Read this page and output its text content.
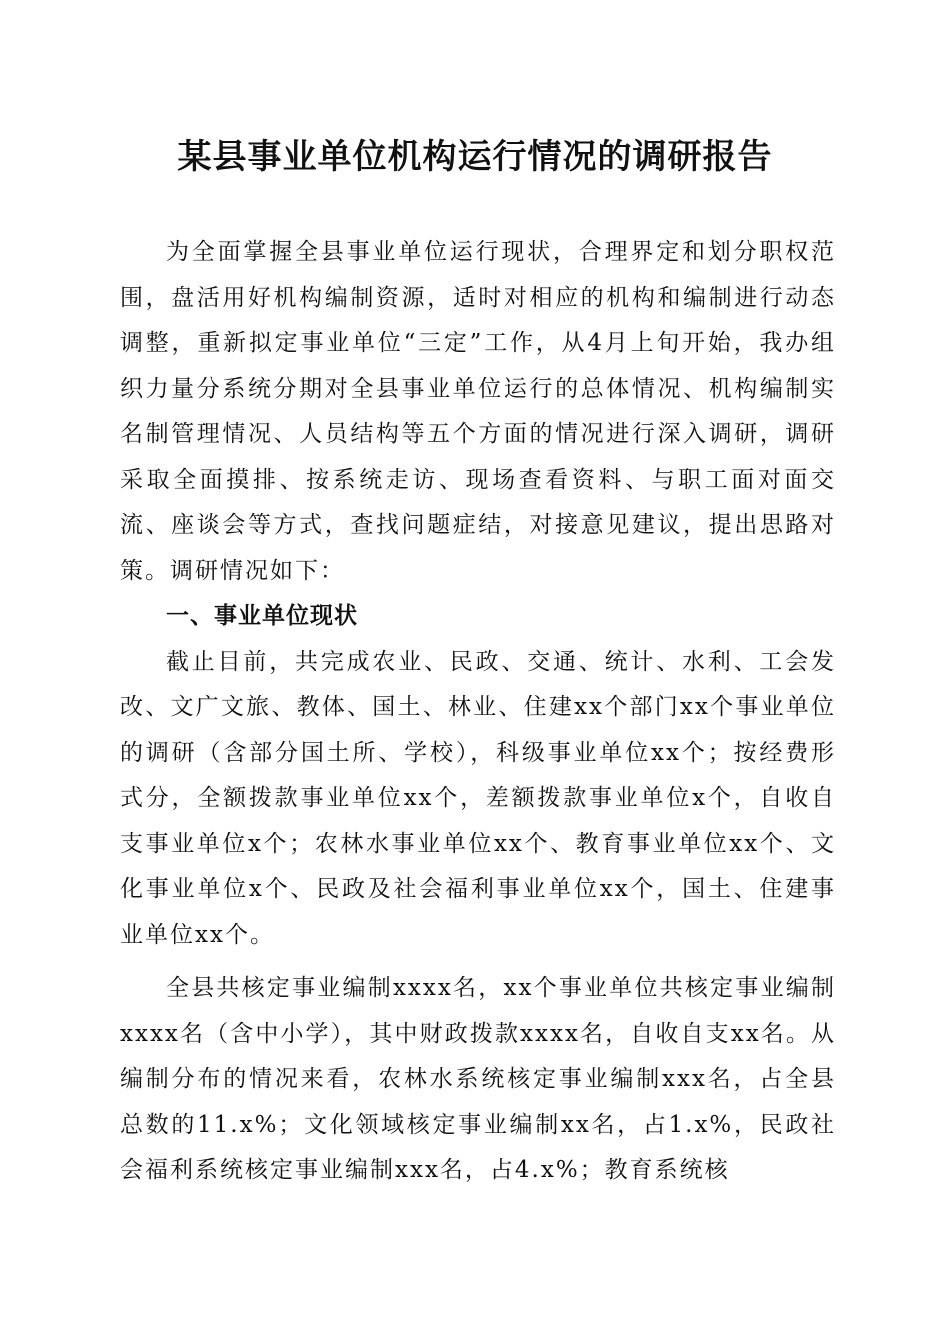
某县事业单位机构运行情况的调研报告

为全面掌握全县事业单位运行现状，合理界定和划分职权范围，盘活用好机构编制资源，适时对相应的机构和编制进行动态调整，重新拟定事业单位“三定”工作，从4月上旬开始，我办组织力量分系统分期对全县事业单位运行的总体情况、机构编制实名制管理情况、人员结构等五个方面的情况进行深入调研，调研采取全面摸排、按系统走访、现场查看资料、与职工面对面交流、座谈会等方式，查找问题症结，对接意见建议，提出思路对策。调研情况如下：

一、事业单位现状

截止目前，共完成农业、民政、交通、统计、水利、工会发改、文广文旅、教体、国土、林业、住建xx个部门xx个事业单位的调研（含部分国土所、学校），科级事业单位xx个；按经费形式分，全额拨款事业单位xx个，差额拨款事业单位x个，自收自支事业单位x个；农林水事业单位xx个、教育事业单位xx个、文化事业单位x个、民政及社会福利事业单位xx个，国土、住建事业单位xx个。

全县共核定事业编制xxxx名，xx个事业单位共核定事业编制xxxx名（含中小学），其中财政拨款xxxx名，自收自支xx名。从编制分布的情况来看，农林水系统核定事业编制xxx名，占全县总数的11.x%；文化领域核定事业编制xx名，占1.x%，民政社会福利系统核定事业编制xxx名，占4.x%；教育系统核
